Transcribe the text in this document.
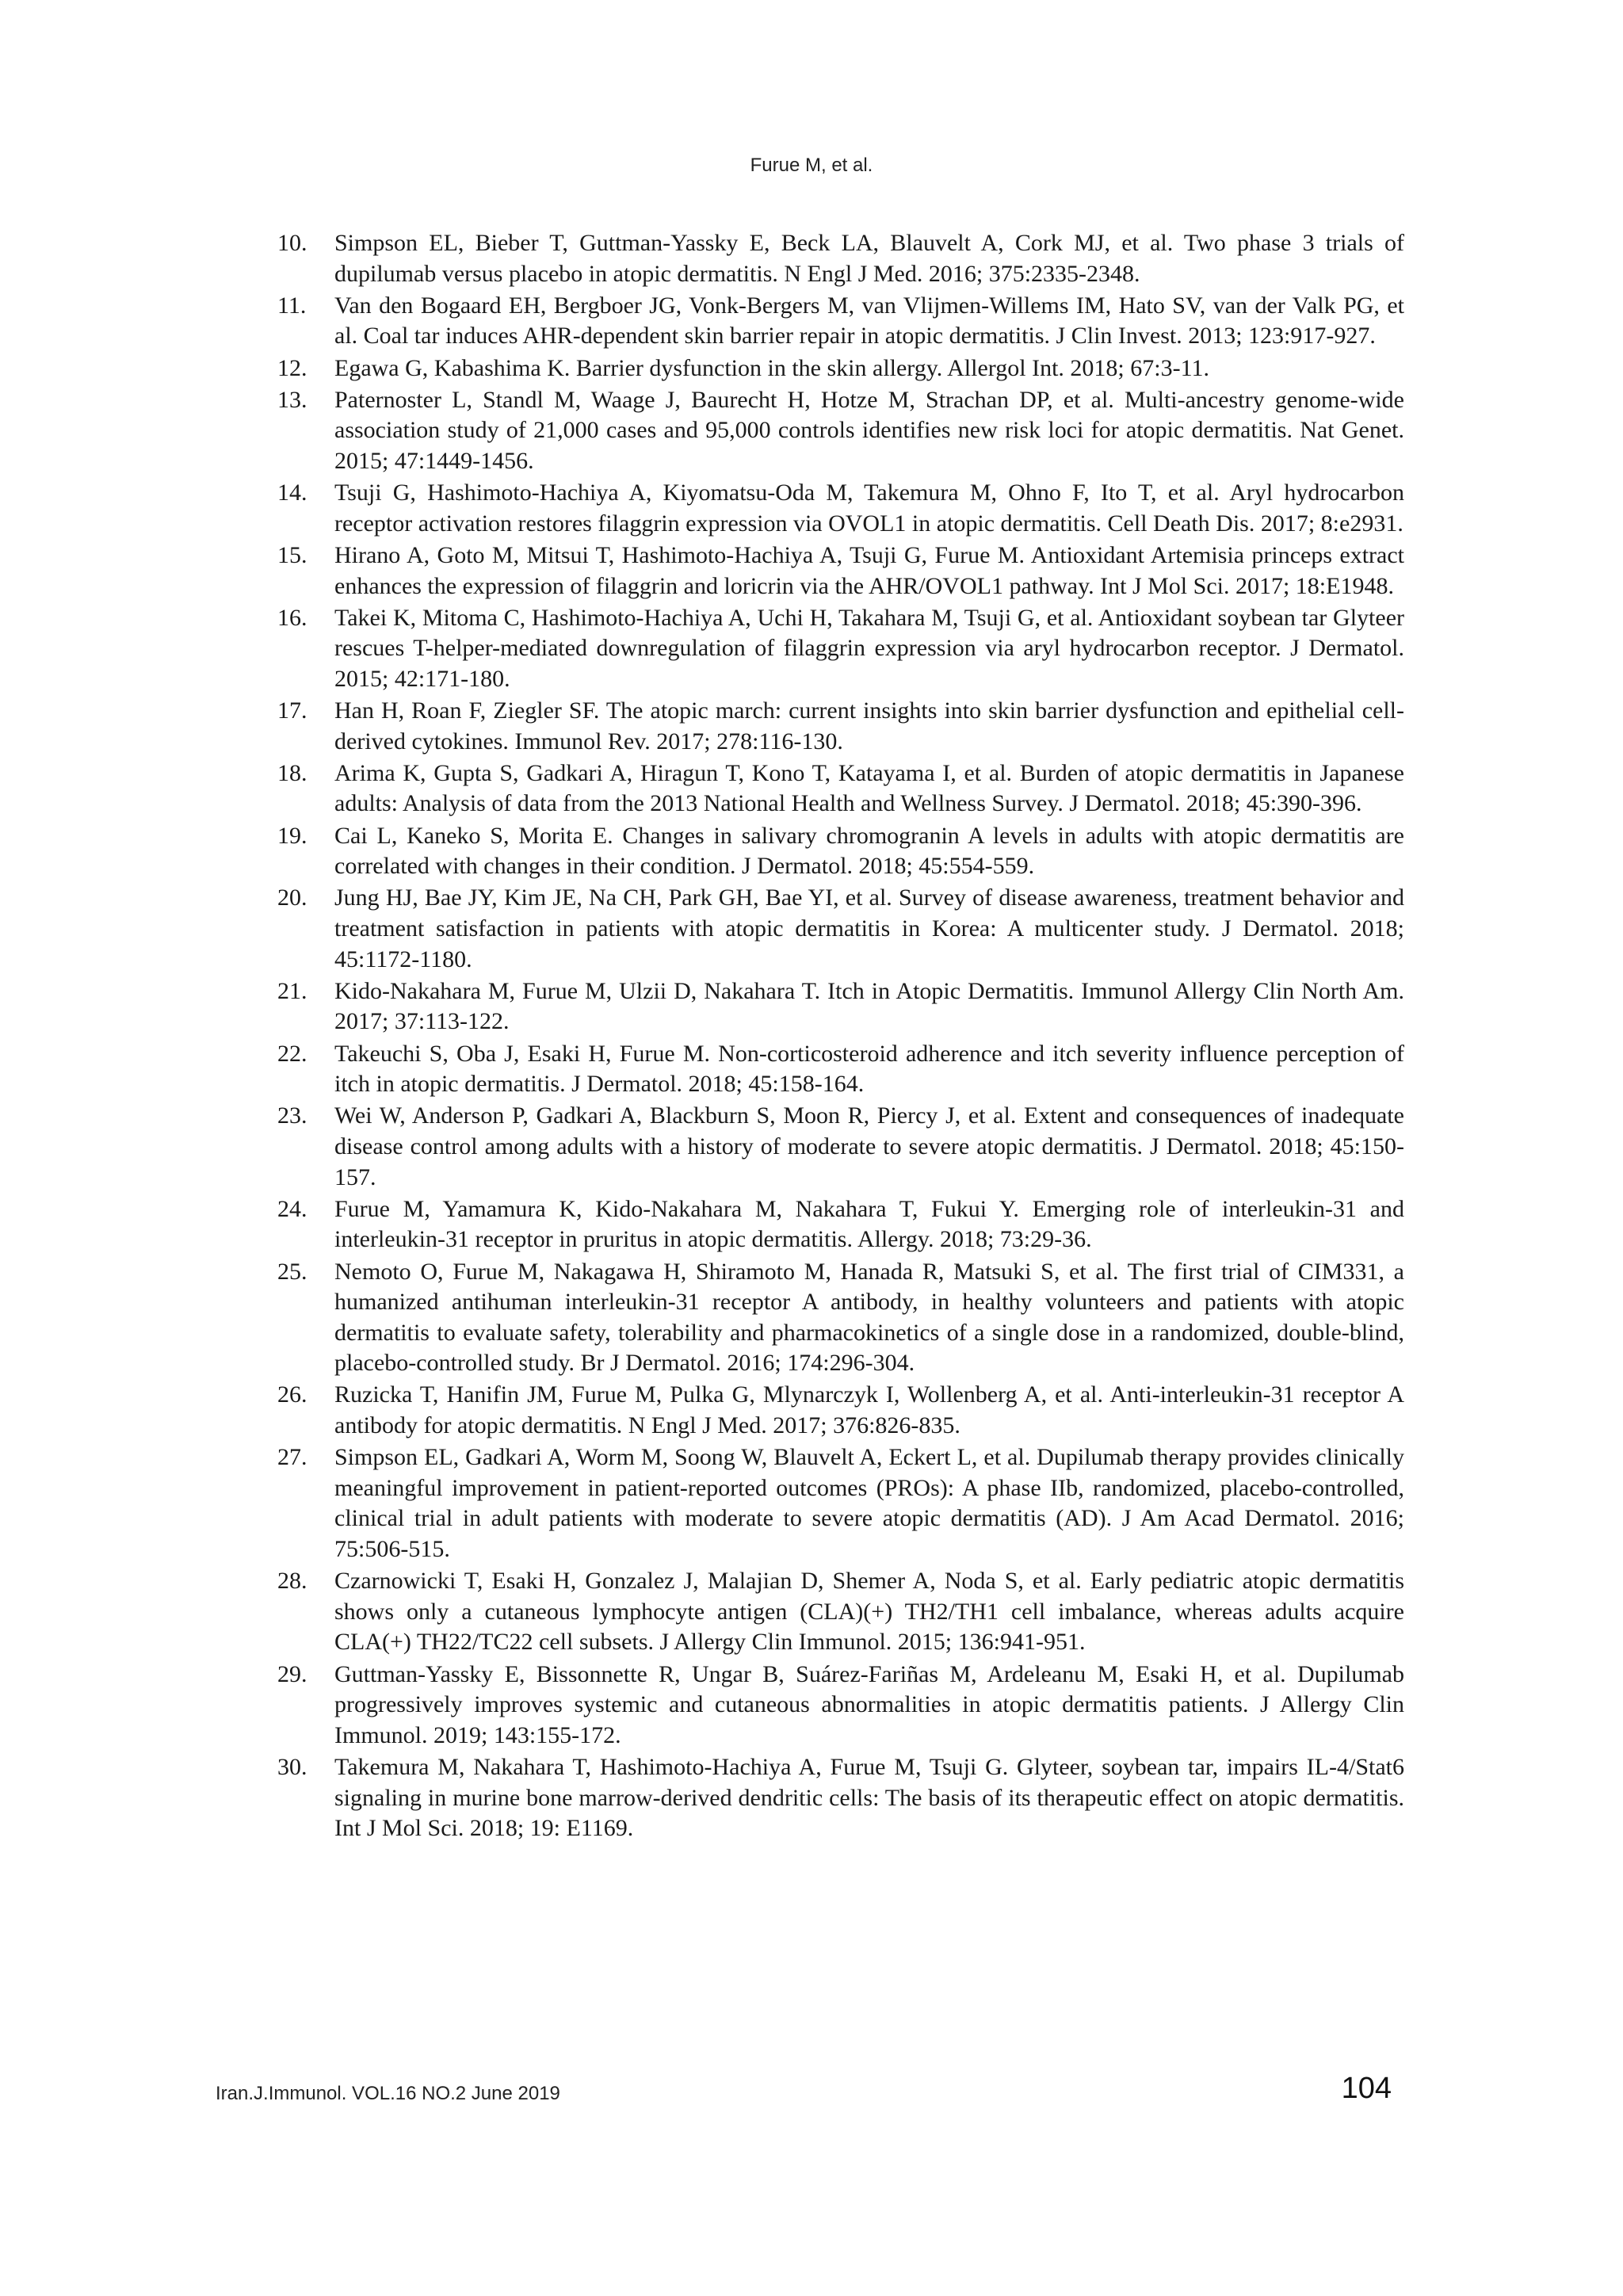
Furue M, et al.
10.	Simpson EL, Bieber T, Guttman-Yassky E, Beck LA, Blauvelt A, Cork MJ, et al. Two phase 3 trials of dupilumab versus placebo in atopic dermatitis. N Engl J Med. 2016; 375:2335-2348.
11.	Van den Bogaard EH, Bergboer JG, Vonk-Bergers M, van Vlijmen-Willems IM, Hato SV, van der Valk PG, et al. Coal tar induces AHR-dependent skin barrier repair in atopic dermatitis. J Clin Invest. 2013; 123:917-927.
12.	Egawa G, Kabashima K. Barrier dysfunction in the skin allergy. Allergol Int. 2018; 67:3-11.
13.	Paternoster L, Standl M, Waage J, Baurecht H, Hotze M, Strachan DP, et al. Multi-ancestry genome-wide association study of 21,000 cases and 95,000 controls identifies new risk loci for atopic dermatitis. Nat Genet. 2015; 47:1449-1456.
14.	Tsuji G, Hashimoto-Hachiya A, Kiyomatsu-Oda M, Takemura M, Ohno F, Ito T, et al. Aryl hydrocarbon receptor activation restores filaggrin expression via OVOL1 in atopic dermatitis. Cell Death Dis. 2017; 8:e2931.
15.	Hirano A, Goto M, Mitsui T, Hashimoto-Hachiya A, Tsuji G, Furue M. Antioxidant Artemisia princeps extract enhances the expression of filaggrin and loricrin via the AHR/OVOL1 pathway. Int J Mol Sci. 2017; 18:E1948.
16.	Takei K, Mitoma C, Hashimoto-Hachiya A, Uchi H, Takahara M, Tsuji G, et al. Antioxidant soybean tar Glyteer rescues T-helper-mediated downregulation of filaggrin expression via aryl hydrocarbon receptor. J Dermatol. 2015; 42:171-180.
17.	Han H, Roan F, Ziegler SF. The atopic march: current insights into skin barrier dysfunction and epithelial cell-derived cytokines. Immunol Rev. 2017; 278:116-130.
18.	Arima K, Gupta S, Gadkari A, Hiragun T, Kono T, Katayama I, et al. Burden of atopic dermatitis in Japanese adults: Analysis of data from the 2013 National Health and Wellness Survey. J Dermatol. 2018; 45:390-396.
19.	Cai L, Kaneko S, Morita E. Changes in salivary chromogranin A levels in adults with atopic dermatitis are correlated with changes in their condition. J Dermatol. 2018; 45:554-559.
20.	Jung HJ, Bae JY, Kim JE, Na CH, Park GH, Bae YI, et al. Survey of disease awareness, treatment behavior and treatment satisfaction in patients with atopic dermatitis in Korea: A multicenter study. J Dermatol. 2018; 45:1172-1180.
21.	Kido-Nakahara M, Furue M, Ulzii D, Nakahara T. Itch in Atopic Dermatitis. Immunol Allergy Clin North Am. 2017; 37:113-122.
22.	Takeuchi S, Oba J, Esaki H, Furue M. Non-corticosteroid adherence and itch severity influence perception of itch in atopic dermatitis. J Dermatol. 2018; 45:158-164.
23.	Wei W, Anderson P, Gadkari A, Blackburn S, Moon R, Piercy J, et al. Extent and consequences of inadequate disease control among adults with a history of moderate to severe atopic dermatitis. J Dermatol. 2018; 45:150-157.
24.	Furue M, Yamamura K, Kido-Nakahara M, Nakahara T, Fukui Y. Emerging role of interleukin-31 and interleukin-31 receptor in pruritus in atopic dermatitis. Allergy. 2018; 73:29-36.
25.	Nemoto O, Furue M, Nakagawa H, Shiramoto M, Hanada R, Matsuki S, et al. The first trial of CIM331, a humanized antihuman interleukin-31 receptor A antibody, in healthy volunteers and patients with atopic dermatitis to evaluate safety, tolerability and pharmacokinetics of a single dose in a randomized, double-blind, placebo-controlled study. Br J Dermatol. 2016; 174:296-304.
26.	Ruzicka T, Hanifin JM, Furue M, Pulka G, Mlynarczyk I, Wollenberg A, et al. Anti-interleukin-31 receptor A antibody for atopic dermatitis. N Engl J Med. 2017; 376:826-835.
27.	Simpson EL, Gadkari A, Worm M, Soong W, Blauvelt A, Eckert L, et al. Dupilumab therapy provides clinically meaningful improvement in patient-reported outcomes (PROs): A phase IIb, randomized, placebo-controlled, clinical trial in adult patients with moderate to severe atopic dermatitis (AD). J Am Acad Dermatol. 2016; 75:506-515.
28.	Czarnowicki T, Esaki H, Gonzalez J, Malajian D, Shemer A, Noda S, et al. Early pediatric atopic dermatitis shows only a cutaneous lymphocyte antigen (CLA)(+) TH2/TH1 cell imbalance, whereas adults acquire CLA(+) TH22/TC22 cell subsets. J Allergy Clin Immunol. 2015; 136:941-951.
29.	Guttman-Yassky E, Bissonnette R, Ungar B, Suárez-Fariñas M, Ardeleanu M, Esaki H, et al. Dupilumab progressively improves systemic and cutaneous abnormalities in atopic dermatitis patients. J Allergy Clin Immunol. 2019; 143:155-172.
30.	Takemura M, Nakahara T, Hashimoto-Hachiya A, Furue M, Tsuji G. Glyteer, soybean tar, impairs IL-4/Stat6 signaling in murine bone marrow-derived dendritic cells: The basis of its therapeutic effect on atopic dermatitis. Int J Mol Sci. 2018; 19: E1169.
Iran.J.Immunol. VOL.16 NO.2 June 2019	104
